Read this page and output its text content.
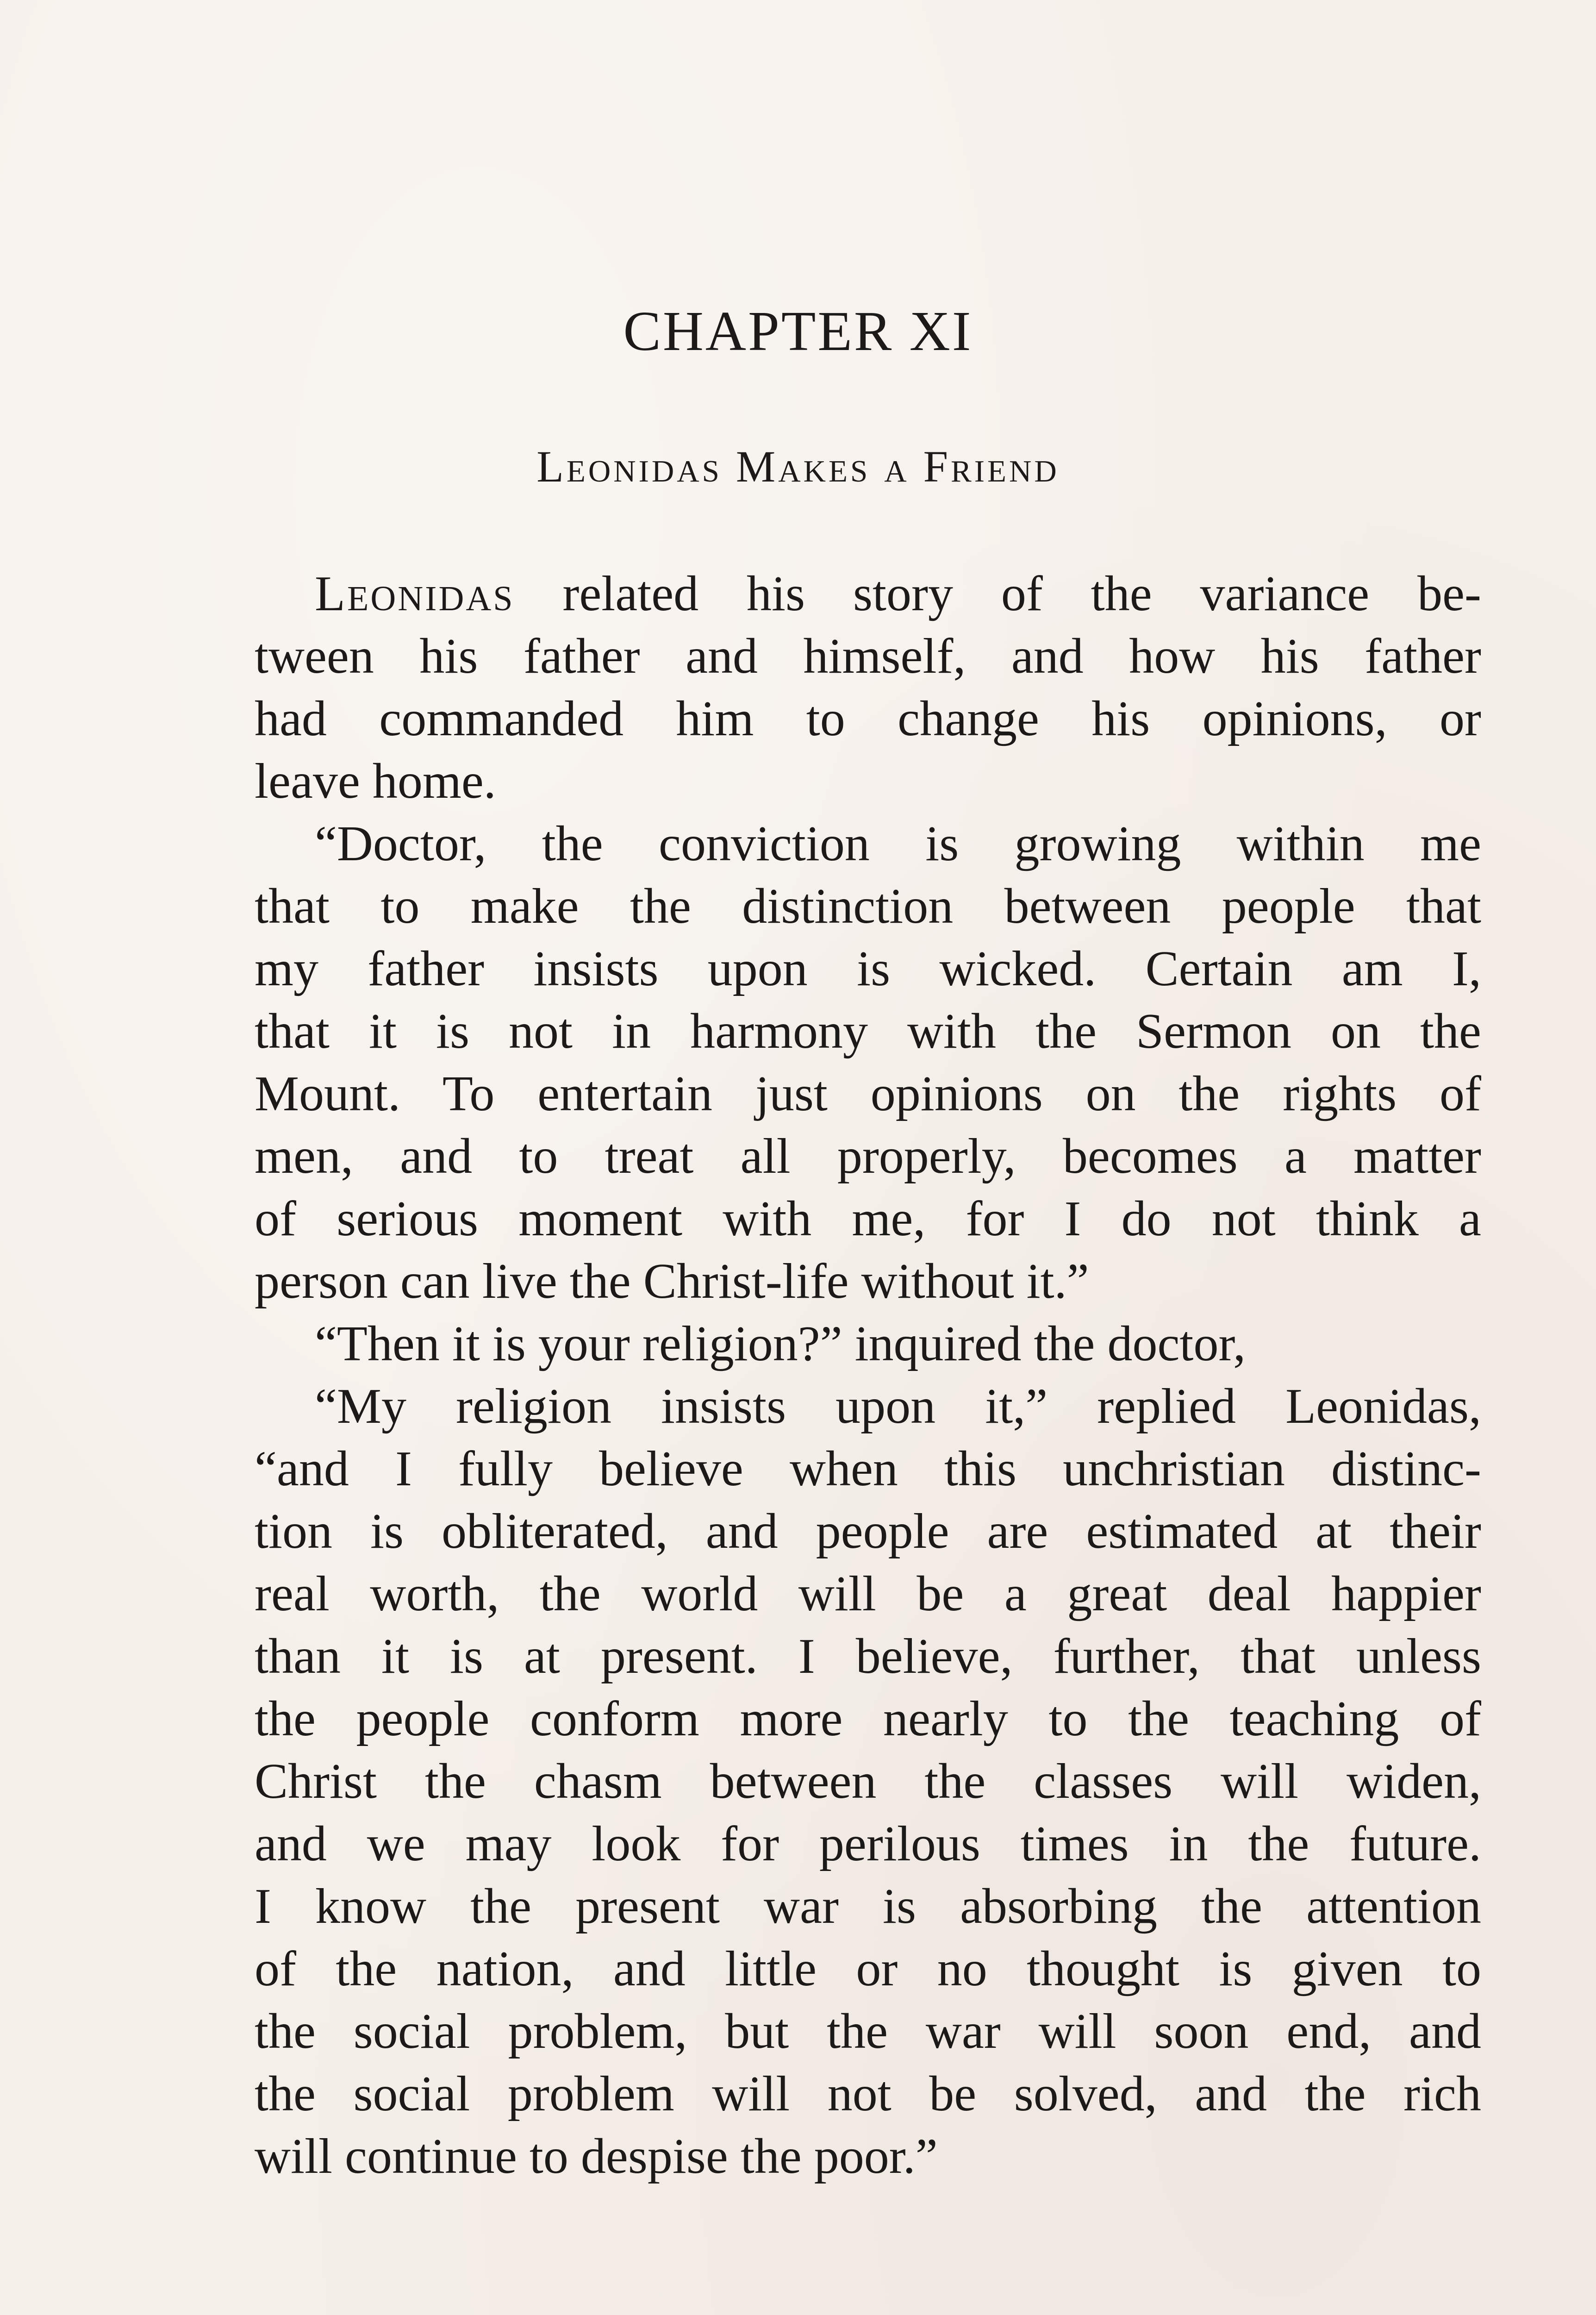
CHAPTER XI
Leonidas Makes a Friend
Leonidas related his story of the variance be-
tween his father and himself, and how his father
had commanded him to change his opinions, or
leave home.
“Doctor, the conviction is growing within me
that to make the distinction between people that
my father insists upon is wicked. Certain am I,
that it is not in harmony with the Sermon on the
Mount. To entertain just opinions on the rights of
men, and to treat all properly, becomes a matter
of serious moment with me, for I do not think a
person can live the Christ-life without it.”
“Then it is your religion?” inquired the doctor,
“My religion insists upon it,” replied Leonidas,
“and I fully believe when this unchristian distinc-
tion is obliterated, and people are estimated at their
real worth, the world will be a great deal happier
than it is at present. I believe, further, that unless
the people conform more nearly to the teaching of
Christ the chasm between the classes will widen,
and we may look for perilous times in the future.
I know the present war is absorbing the attention
of the nation, and little or no thought is given to
the social problem, but the war will soon end, and
the social problem will not be solved, and the rich
will continue to despise the poor.”
